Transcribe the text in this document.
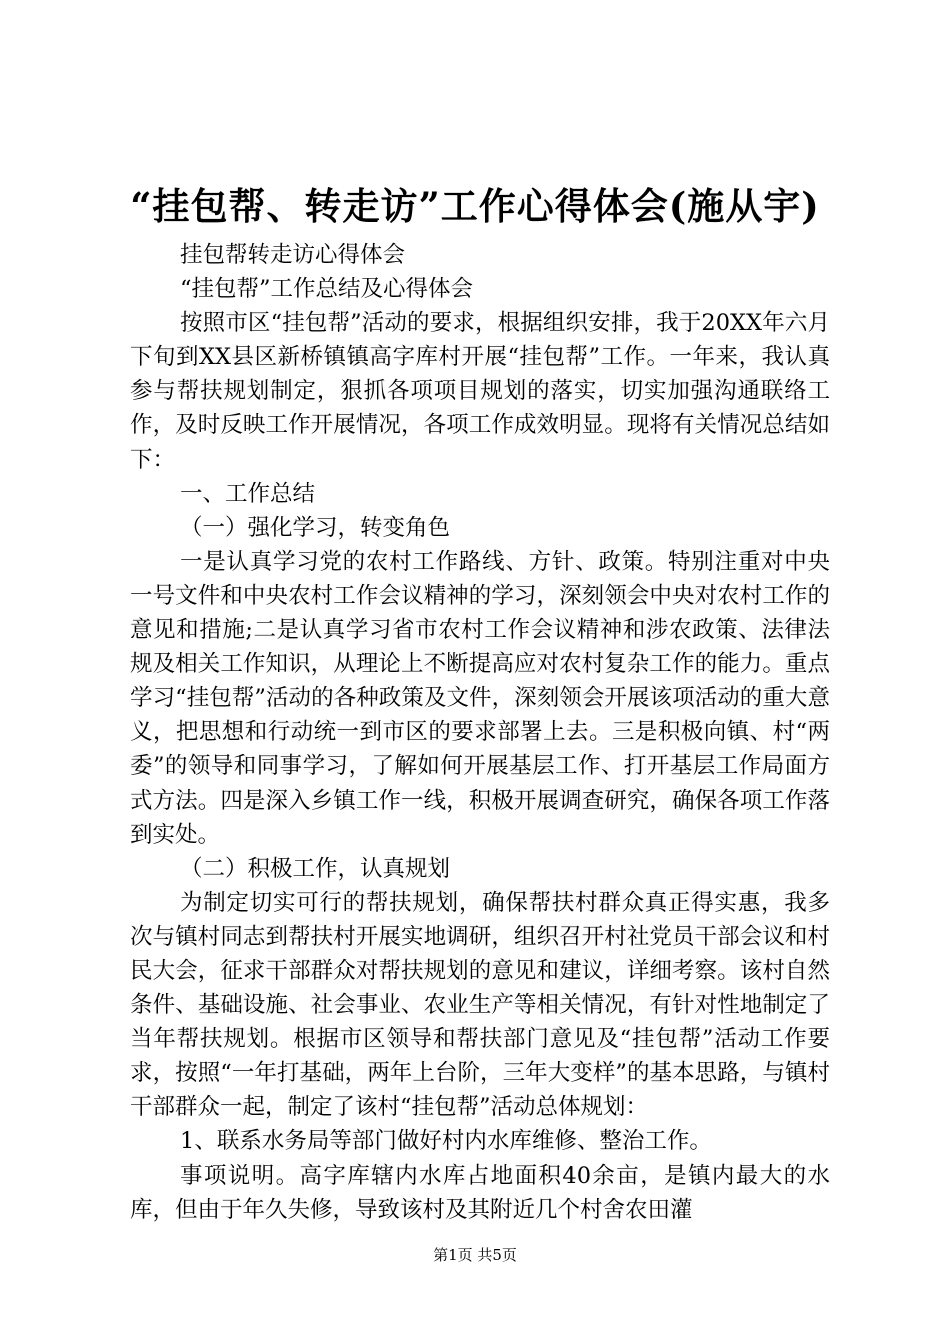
“挂包帮、转走访”工作心得体会(施从宇)

挂包帮转走访心得体会

“挂包帮”工作总结及心得体会

按照市区“挂包帮”活动的要求，根据组织安排，我于20XX年六月下旬到XX县区新桥镇镇高字库村开展“挂包帮”工作。一年来，我认真参与帮扶规划制定，狠抓各项项目规划的落实，切实加强沟通联络工作，及时反映工作开展情况，各项工作成效明显。现将有关情况总结如下：

一、工作总结

（一）强化学习，转变角色

一是认真学习党的农村工作路线、方针、政策。特别注重对中央一号文件和中央农村工作会议精神的学习，深刻领会中央对农村工作的意见和措施;二是认真学习省市农村工作会议精神和涉农政策、法律法规及相关工作知识，从理论上不断提高应对农村复杂工作的能力。重点学习“挂包帮”活动的各种政策及文件，深刻领会开展该项活动的重大意义，把思想和行动统一到市区的要求部署上去。三是积极向镇、村“两委”的领导和同事学习，了解如何开展基层工作、打开基层工作局面方式方法。四是深入乡镇工作一线，积极开展调查研究，确保各项工作落到实处。

（二）积极工作，认真规划

为制定切实可行的帮扶规划，确保帮扶村群众真正得实惠，我多次与镇村同志到帮扶村开展实地调研，组织召开村社党员干部会议和村民大会，征求干部群众对帮扶规划的意见和建议，详细考察。该村自然条件、基础设施、社会事业、农业生产等相关情况，有针对性地制定了当年帮扶规划。根据市区领导和帮扶部门意见及“挂包帮”活动工作要求，按照“一年打基础，两年上台阶，三年大变样”的基本思路，与镇村干部群众一起，制定了该村“挂包帮”活动总体规划：

1、联系水务局等部门做好村内水库维修、整治工作。

事项说明。高字库辖内水库占地面积40余亩，是镇内最大的水库，但由于年久失修，导致该村及其附近几个村舍农田灌

第1页 共5页
